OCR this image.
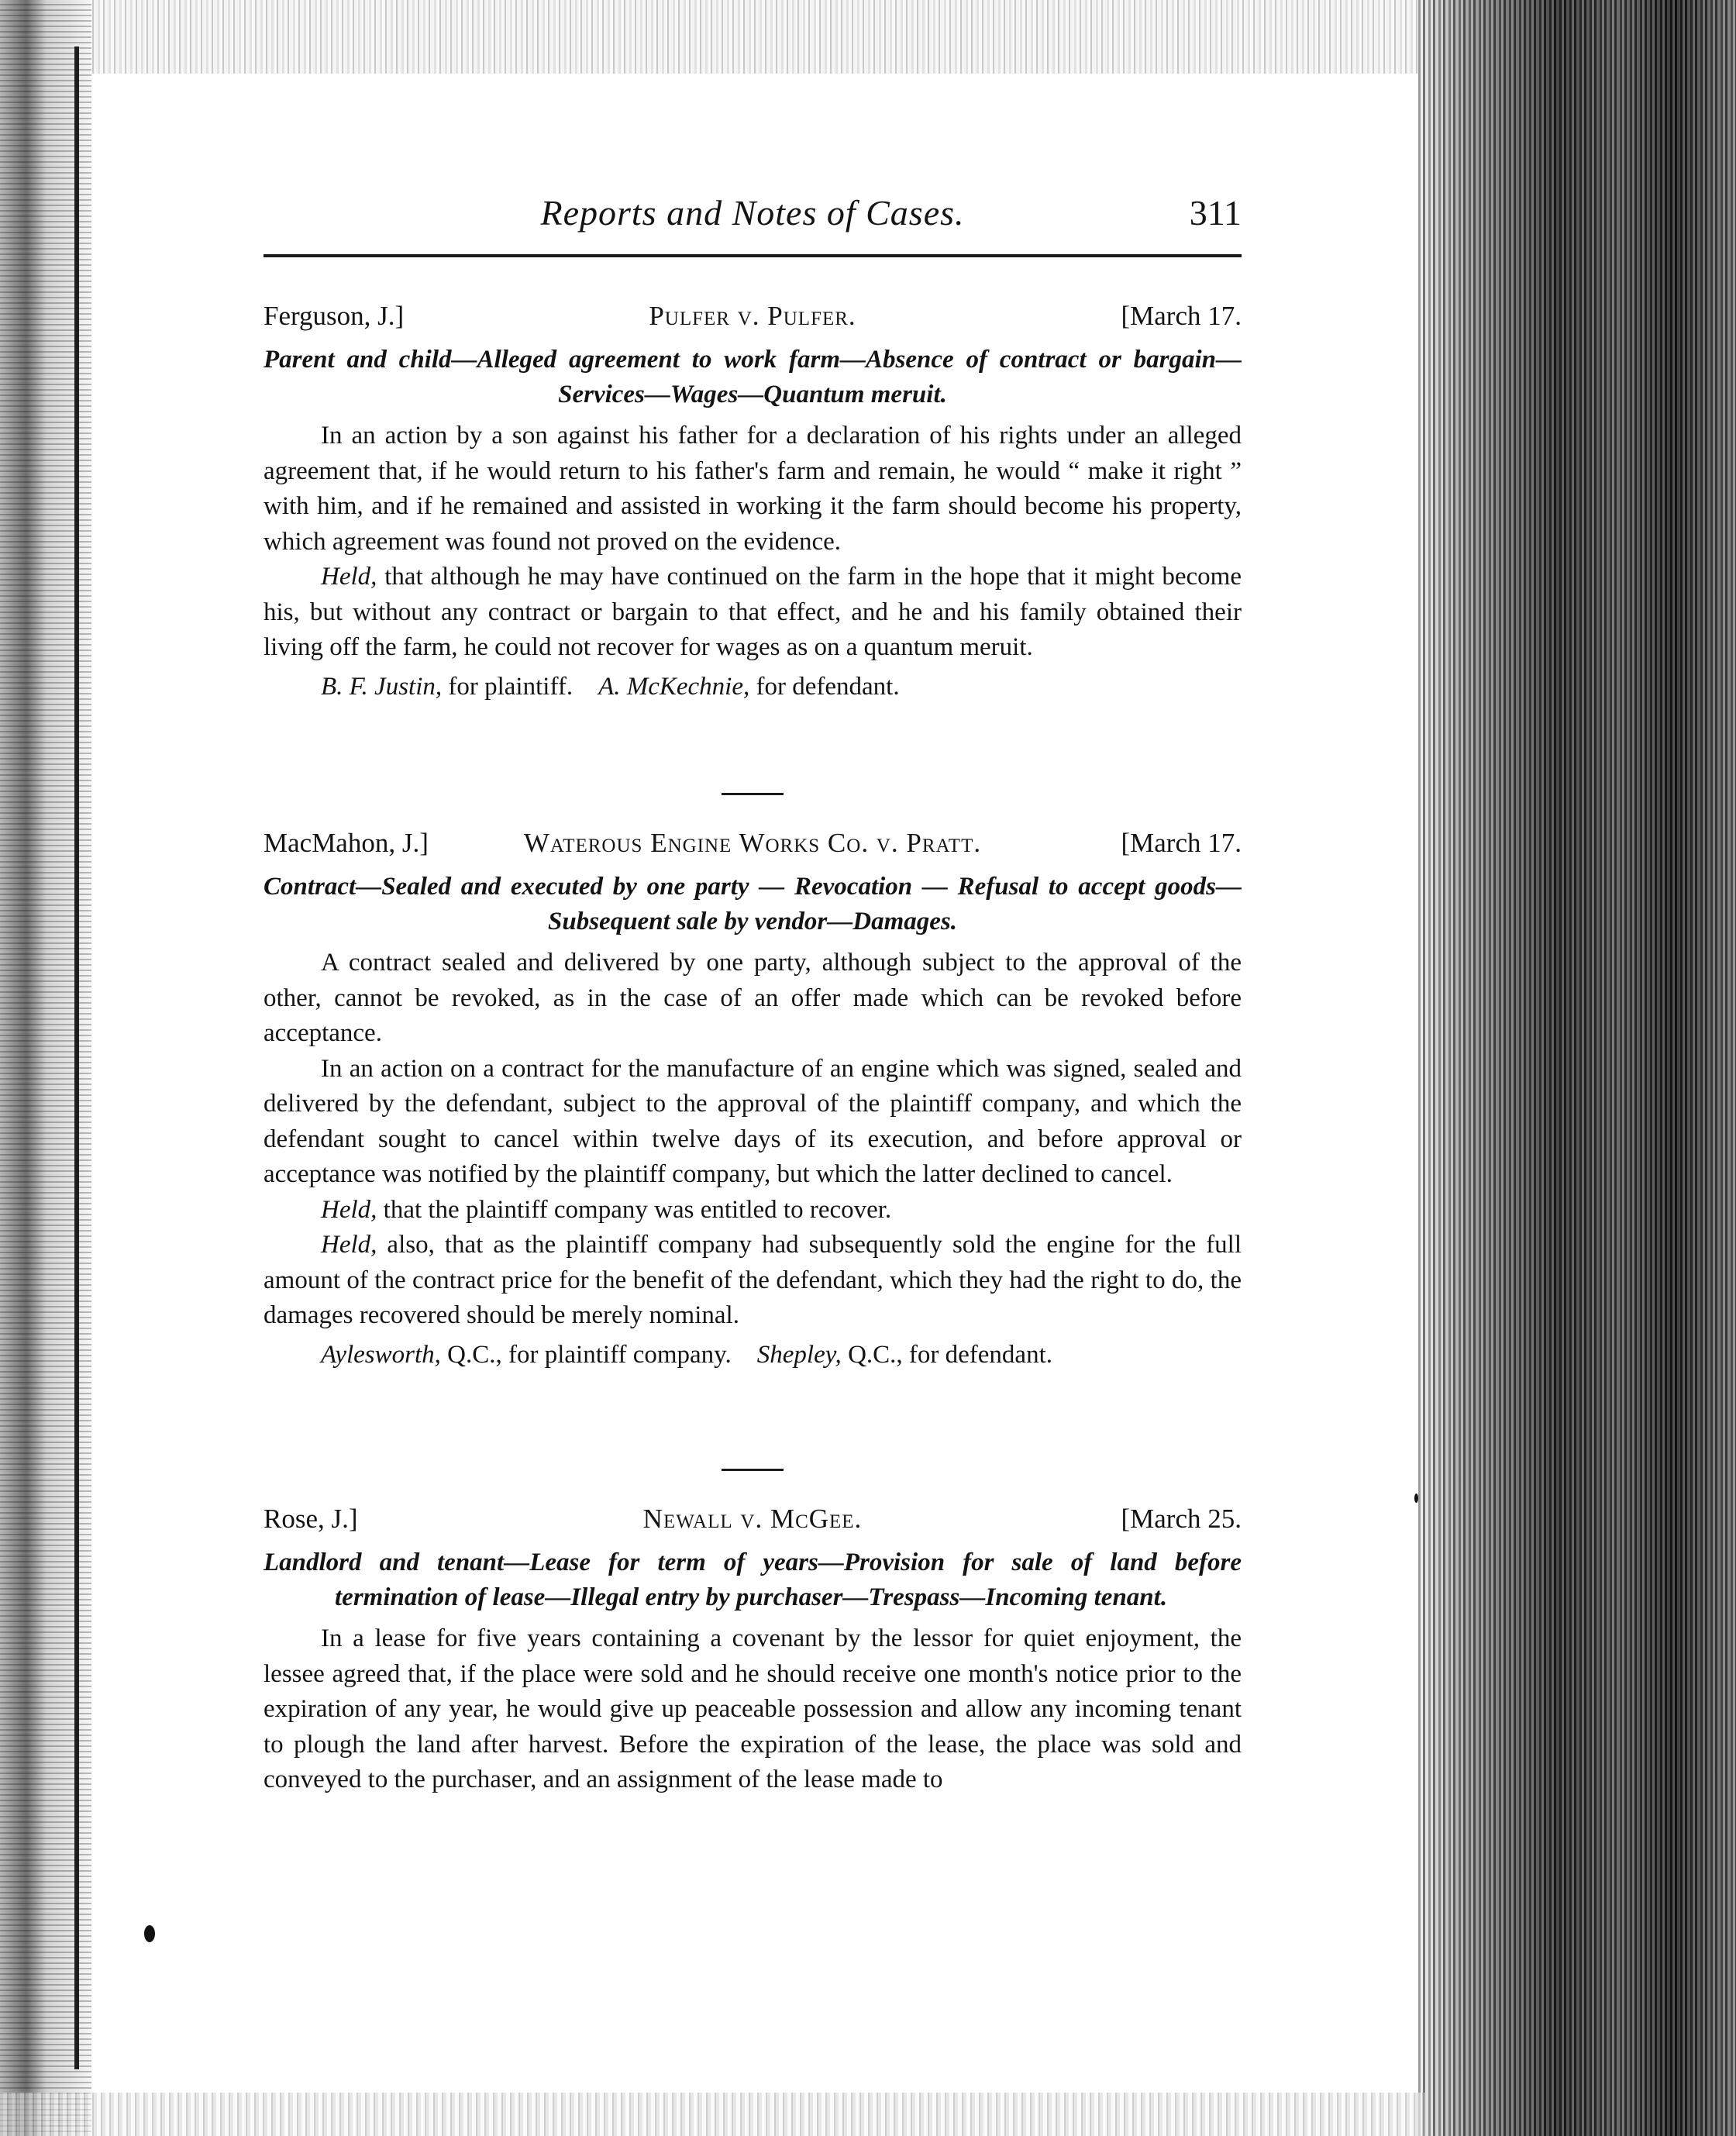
Reports and Notes of Cases.	311
Ferguson, J.]	Pulfer v. Pulfer.	[March 17.
Parent and child—Alleged agreement to work farm—Absence of contract or bargain—Services—Wages—Quantum meruit.

In an action by a son against his father for a declaration of his rights under an alleged agreement that, if he would return to his father's farm and remain, he would “ make it right ” with him, and if he remained and assisted in working it the farm should become his property, which agreement was found not proved on the evidence.

Held, that although he may have continued on the farm in the hope that it might become his, but without any contract or bargain to that effect, and he and his family obtained their living off the farm, he could not recover for wages as on a quantum meruit.

B. F. Justin, for plaintiff. A. McKechnie, for defendant.
MacMahon, J.]	Waterous Engine Works Co. v. Pratt.	[March 17.
Contract—Sealed and executed by one party — Revocation — Refusal to accept goods—Subsequent sale by vendor—Damages.

A contract sealed and delivered by one party, although subject to the approval of the other, cannot be revoked, as in the case of an offer made which can be revoked before acceptance.

In an action on a contract for the manufacture of an engine which was signed, sealed and delivered by the defendant, subject to the approval of the plaintiff company, and which the defendant sought to cancel within twelve days of its execution, and before approval or acceptance was notified by the plaintiff company, but which the latter declined to cancel.

Held, that the plaintiff company was entitled to recover.

Held, also, that as the plaintiff company had subsequently sold the engine for the full amount of the contract price for the benefit of the defendant, which they had the right to do, the damages recovered should be merely nominal.

Aylesworth, Q.C., for plaintiff company. Shepley, Q.C., for defendant.
Rose, J.]	Newall v. McGee.	[March 25.
Landlord and tenant—Lease for term of years—Provision for sale of land before termination of lease—Illegal entry by purchaser—Trespass—Incoming tenant.

In a lease for five years containing a covenant by the lessor for quiet enjoyment, the lessee agreed that, if the place were sold and he should receive one month's notice prior to the expiration of any year, he would give up peaceable possession and allow any incoming tenant to plough the land after harvest. Before the expiration of the lease, the place was sold and conveyed to the purchaser, and an assignment of the lease made to
